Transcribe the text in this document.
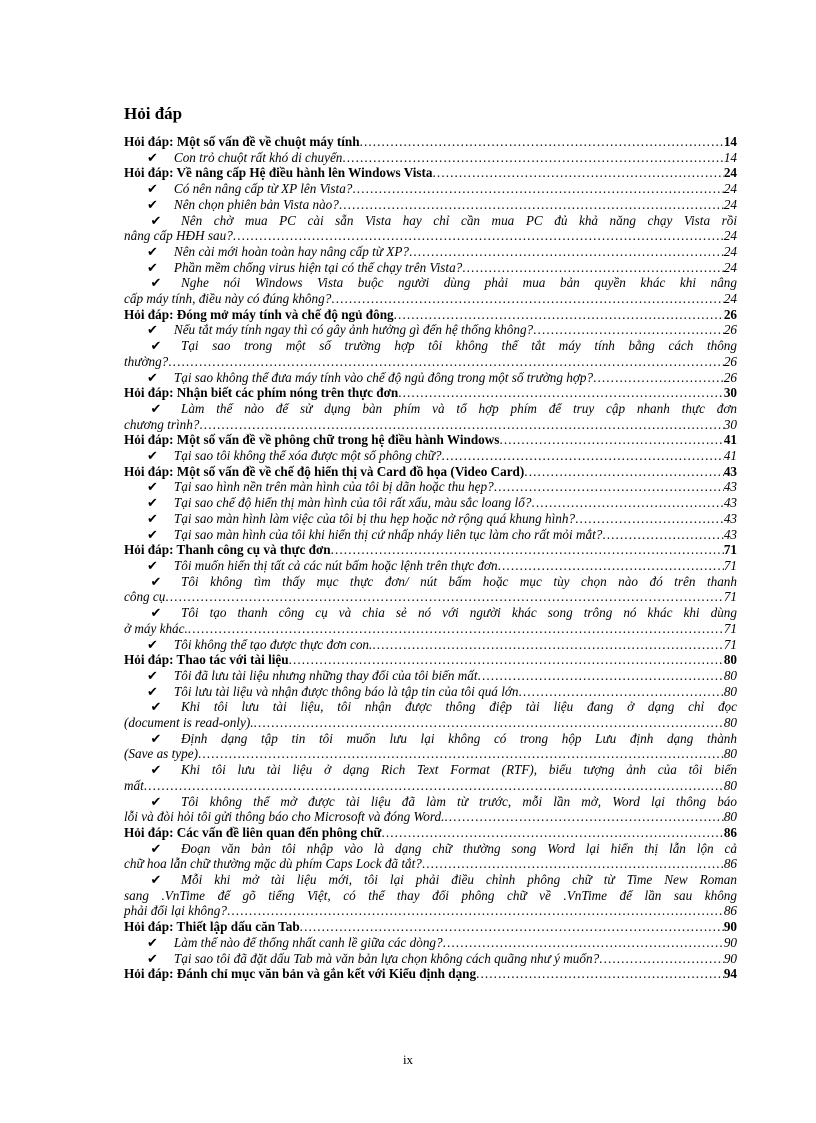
Hỏi đáp
Hỏi đáp: Một số vấn đề về chuột máy tính . . .	14
✔ Con trỏ chuột rất khó di chuyển . . .	14
Hỏi đáp: Về nâng cấp Hệ điều hành lên Windows Vista . . .	24
✔ Có nên nâng cấp từ XP lên Vista? . . .	24
✔ Nên chọn phiên bản Vista nào? . . .	24
✔ Nên chờ mua PC cài sẵn Vista hay chỉ cần mua PC đủ khả năng chạy Vista rồi
nâng cấp HĐH sau? . . .	24
✔ Nên cài mới hoàn toàn hay nâng cấp từ XP? . . .	24
✔ Phần mềm chống virus hiện tại có thể chạy trên Vista? . . .	24
✔ Nghe nói Windows Vista buộc người dùng phải mua bản quyền khác khi nâng
cấp máy tính, điều này có đúng không? . . .	24
Hỏi đáp: Đóng mở máy tính và chế độ ngủ đông . . .	26
✔ Nếu tắt máy tính ngay thì có gây ảnh hưởng gì đến hệ thống không? . . .	26
✔ Tại sao trong một số trường hợp tôi không thể tắt máy tính bằng cách thông
thường? . . .	26
✔ Tại sao không thể đưa máy tính vào chế độ ngủ đông trong một số trường hợp? . . .	26
Hỏi đáp: Nhận biết các phím nóng trên thực đơn . . .	30
✔ Làm thế nào để sử dụng bàn phím và tổ hợp phím để truy cập nhanh thực đơn
chương trình? . . .	30
Hỏi đáp: Một số vấn đề về phông chữ trong hệ điều hành Windows . . .	41
✔ Tại sao tôi không thể xóa được một số phông chữ? . . .	41
Hỏi đáp: Một số vấn đề về chế độ hiển thị và Card đồ họa (Video Card) . . .	43
✔ Tại sao hình nền trên màn hình của tôi bị dãn hoặc thu hẹp? . . .	43
✔ Tại sao chế độ hiển thị màn hình của tôi rất xấu, màu sắc loang lổ? . . .	43
✔ Tại sao màn hình làm việc của tôi bị thu hẹp hoặc nở rộng quá khung hình? . . .	43
✔ Tại sao màn hình của tôi khi hiển thị cứ nhấp nháy liên tục làm cho rất mỏi mắt? . . .	43
Hỏi đáp: Thanh công cụ và thực đơn . . .	71
✔ Tôi muốn hiển thị tất cả các nút bấm hoặc lệnh trên thực đơn . . .	71
✔ Tôi không tìm thấy mục thực đơn/ nút bấm hoặc mục tùy chọn nào đó trên thanh
công cụ . . .	71
✔ Tôi tạo thanh công cụ và chia sẻ nó với người khác song trông nó khác khi dùng
ở máy khác. . . .	71
✔ Tôi không thể tạo được thực đơn con. . . .	71
Hỏi đáp: Thao tác với tài liệu . . .	80
✔ Tôi đã lưu tài liệu nhưng những thay đổi của tôi biến mất . . .	80
✔ Tôi lưu tài liệu và nhận được thông báo là tập tin của tôi quá lớn . . .	80
✔ Khi tôi lưu tài liệu, tôi nhận được thông điệp tài liệu đang ở dạng chỉ đọc
(document is read-only). . . .	80
✔ Định dạng tập tin tôi muốn lưu lại không có trong hộp Lưu định dạng thành
(Save as type) . . .	80
✔ Khi tôi lưu tài liệu ở dạng Rich Text Format (RTF), biểu tượng ảnh của tôi biến
mất . . .	80
✔ Tôi không thể mở được tài liệu đã làm từ trước, mỗi lần mở, Word lại thông báo
lỗi và đòi hỏi tôi gửi thông báo cho Microsoft và đóng Word. . . .	80
Hỏi đáp: Các vấn đề liên quan đến phông chữ . . .	86
✔ Đoạn văn bản tôi nhập vào là dạng chữ thường song Word lại hiển thị lẫn lộn cả
chữ hoa lẫn chữ thường mặc dù phím Caps Lock đã tắt? . . .	86
✔ Mỗi khi mở tài liệu mới, tôi lại phải điều chỉnh phông chữ từ Time New Roman
sang .VnTime để gõ tiếng Việt, có thể thay đổi phông chữ về .VnTime để lần sau không
phải đổi lại không? . . .	86
Hỏi đáp: Thiết lập dấu căn Tab . . .	90
✔ Làm thế nào để thống nhất canh lề giữa các dòng? . . .	90
✔ Tại sao tôi đã đặt dấu Tab mà văn bản lựa chọn không cách quãng như ý muốn? . . .	90
Hỏi đáp: Đánh chỉ mục văn bản và gắn kết với Kiểu định dạng . . .	94
ix
